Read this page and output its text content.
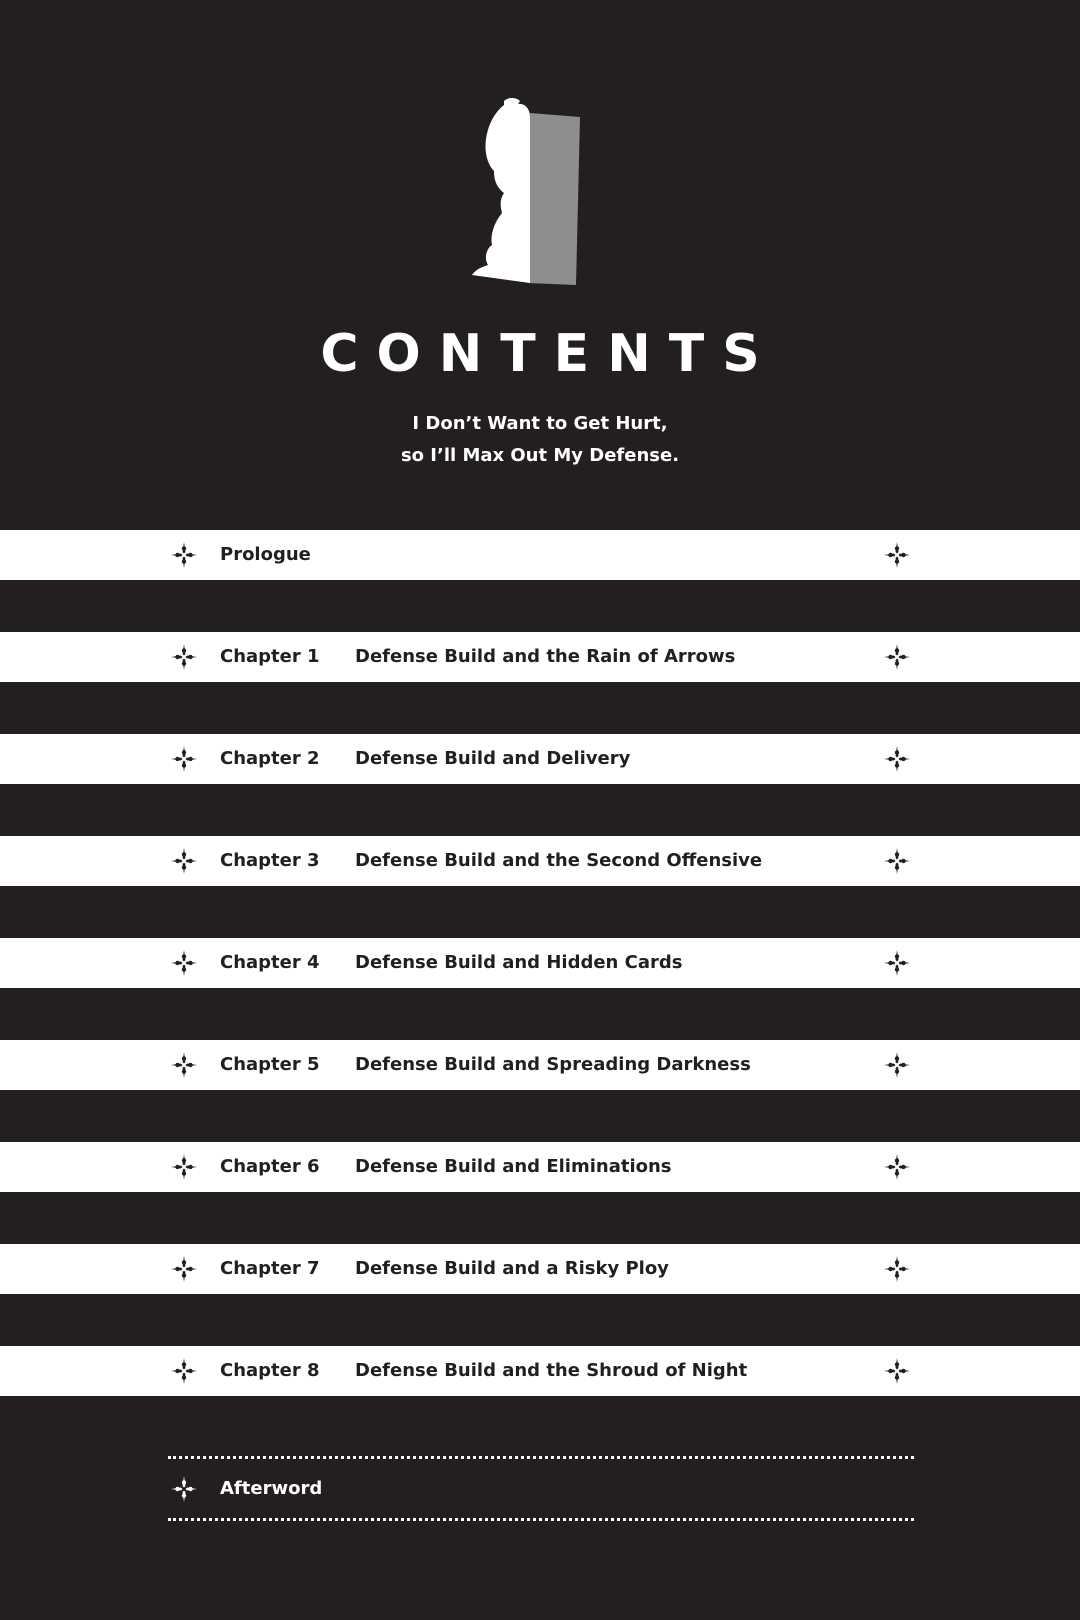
CONTENTS
I Don’t Want to Get Hurt,
so I’ll Max Out My Defense.
Prologue
Chapter 1 Defense Build and the Rain of Arrows
Chapter 2 Defense Build and Delivery
Chapter 3 Defense Build and the Second Offensive
Chapter 4 Defense Build and Hidden Cards
Chapter 5 Defense Build and Spreading Darkness
Chapter 6 Defense Build and Eliminations
Chapter 7 Defense Build and a Risky Ploy
Chapter 8 Defense Build and the Shroud of Night
Afterword
